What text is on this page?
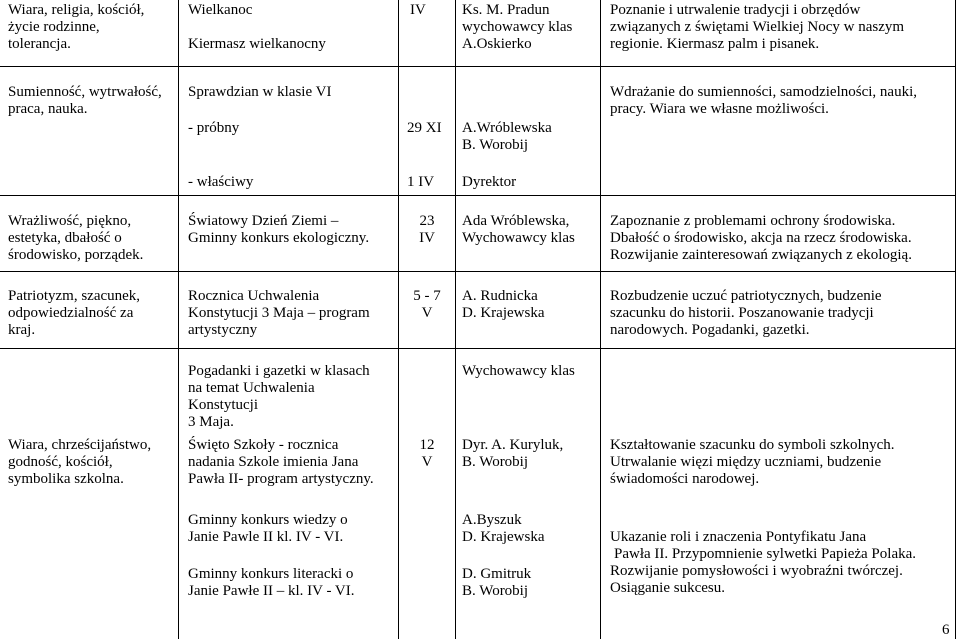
Wiara, religia, kościół,
życie rodzinne,
tolerancja.
Wielkanoc
Kiermasz wielkanocny
IV Ks. M. Pradun
wychowawcy klas
A.Oskierko
Poznanie i utrwalenie tradycji i obrzędów
związanych z świętami Wielkiej Nocy w naszym
regionie. Kiermasz palm i pisanek.
Sumienność, wytrwałość,
praca, nauka.
Sprawdzian w klasie VI
- próbny
- właściwy
29 XI
1 IV
A.Wróblewska
B. Worobij
Dyrektor
Wdrażanie do sumienności, samodzielności, nauki,
pracy. Wiara we własne możliwości.
Wrażliwość, piękno,
estetyka, dbałość o
środowisko, porządek.
Światowy Dzień Ziemi –
Gminny konkurs ekologiczny.
23
IV
Ada Wróblewska,
Wychowawcy klas
Zapoznanie z problemami ochrony środowiska.
Dbałość o środowisko, akcja na rzecz środowiska.
Rozwijanie zainteresowań związanych z ekologią.
Patriotyzm, szacunek,
odpowiedzialność za
kraj.
Rocznica Uchwalenia
Konstytucji 3 Maja – program
artystyczny
5 - 7
V
A. Rudnicka
D. Krajewska
Rozbudzenie uczuć patriotycznych, budzenie
szacunku do historii. Poszanowanie tradycji
narodowych. Pogadanki, gazetki.
Wiara, chrześcijaństwo,
godność, kościół,
symbolika szkolna.
Pogadanki i gazetki w klasach
na temat Uchwalenia
Konstytucji
3 Maja.
Święto Szkoły - rocznica
nadania Szkole imienia Jana
Pawła II- program artystyczny.
Gminny konkurs wiedzy o
Janie Pawle II kl. IV - VI.
Gminny konkurs literacki o
Janie Pawłe II – kl. IV - VI.
12
V
Wychowawcy klas
Dyr. A. Kuryluk,
B. Worobij
A.Byszuk
D. Krajewska
D. Gmitruk
B. Worobij
Kształtowanie szacunku do symboli szkolnych.
Utrwalanie więzi między uczniami, budzenie
świadomości narodowej.
Ukazanie roli i znaczenia Pontyfikatu Jana
Pawła II. Przypomnienie sylwetki Papieża Polaka.
Rozwijanie pomysłowości i wyobraźni twórczej.
Osiąganie sukcesu.
6
